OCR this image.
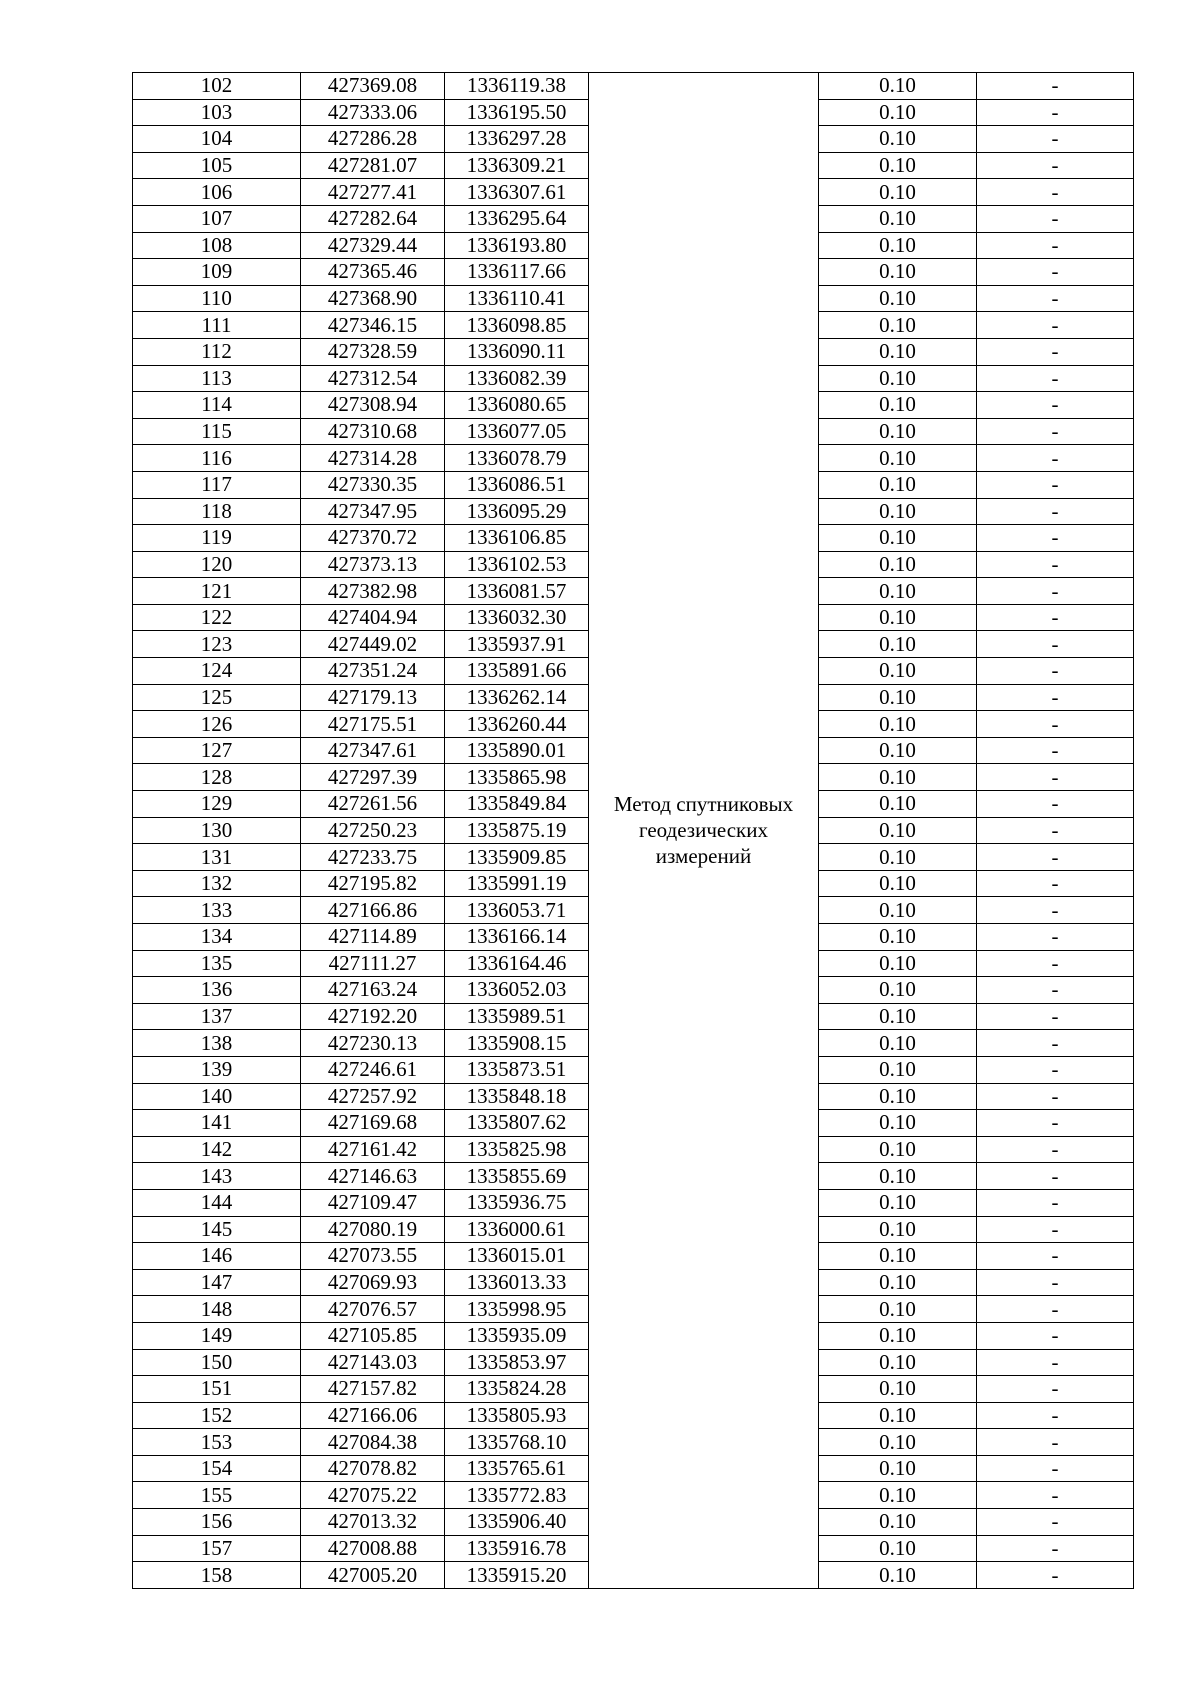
102	427369.08	1336119.38	Метод спутниковых геодезических измерений	0.10	-
103	427333.06	1336195.50		0.10	-
104	427286.28	1336297.28		0.10	-
105	427281.07	1336309.21		0.10	-
106	427277.41	1336307.61		0.10	-
107	427282.64	1336295.64		0.10	-
108	427329.44	1336193.80		0.10	-
109	427365.46	1336117.66		0.10	-
110	427368.90	1336110.41		0.10	-
111	427346.15	1336098.85		0.10	-
112	427328.59	1336090.11		0.10	-
113	427312.54	1336082.39		0.10	-
114	427308.94	1336080.65		0.10	-
115	427310.68	1336077.05		0.10	-
116	427314.28	1336078.79		0.10	-
117	427330.35	1336086.51		0.10	-
118	427347.95	1336095.29		0.10	-
119	427370.72	1336106.85		0.10	-
120	427373.13	1336102.53		0.10	-
121	427382.98	1336081.57		0.10	-
122	427404.94	1336032.30		0.10	-
123	427449.02	1335937.91		0.10	-
124	427351.24	1335891.66		0.10	-
125	427179.13	1336262.14		0.10	-
126	427175.51	1336260.44		0.10	-
127	427347.61	1335890.01		0.10	-
128	427297.39	1335865.98		0.10	-
129	427261.56	1335849.84		0.10	-
130	427250.23	1335875.19		0.10	-
131	427233.75	1335909.85		0.10	-
132	427195.82	1335991.19		0.10	-
133	427166.86	1336053.71		0.10	-
134	427114.89	1336166.14		0.10	-
135	427111.27	1336164.46		0.10	-
136	427163.24	1336052.03		0.10	-
137	427192.20	1335989.51		0.10	-
138	427230.13	1335908.15		0.10	-
139	427246.61	1335873.51		0.10	-
140	427257.92	1335848.18		0.10	-
141	427169.68	1335807.62		0.10	-
142	427161.42	1335825.98		0.10	-
143	427146.63	1335855.69		0.10	-
144	427109.47	1335936.75		0.10	-
145	427080.19	1336000.61		0.10	-
146	427073.55	1336015.01		0.10	-
147	427069.93	1336013.33		0.10	-
148	427076.57	1335998.95		0.10	-
149	427105.85	1335935.09		0.10	-
150	427143.03	1335853.97		0.10	-
151	427157.82	1335824.28		0.10	-
152	427166.06	1335805.93		0.10	-
153	427084.38	1335768.10		0.10	-
154	427078.82	1335765.61		0.10	-
155	427075.22	1335772.83		0.10	-
156	427013.32	1335906.40		0.10	-
157	427008.88	1335916.78		0.10	-
158	427005.20	1335915.20		0.10	-
